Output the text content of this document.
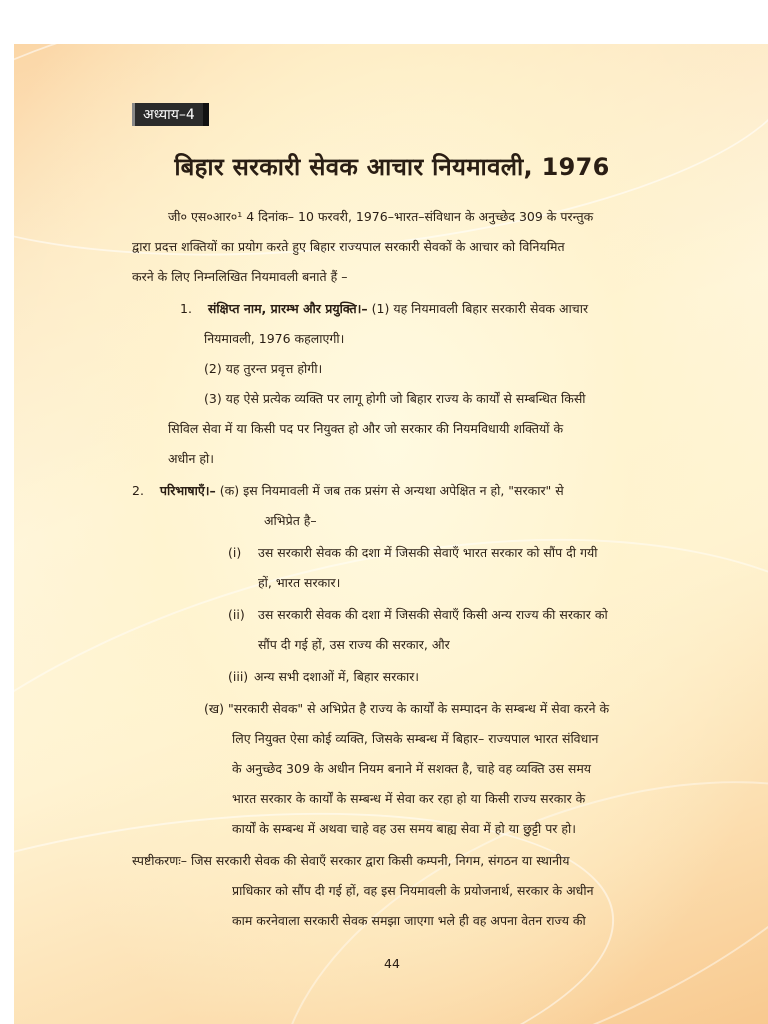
अध्याय–4
बिहार सरकारी सेवक आचार नियमावली, 1976
जी० एस०आर०¹ 4 दिनांक– 10 फरवरी, 1976–भारत–संविधान के अनुच्छेद 309 के परन्तुक
द्वारा प्रदत्त शक्तियों का प्रयोग करते हुए बिहार राज्यपाल सरकारी सेवकों के आचार को विनियमित
करने के लिए निम्नलिखित नियमावली बनाते हैं –
1. संक्षिप्त नाम, प्रारम्भ और प्रयुक्ति।– (1) यह नियमावली बिहार सरकारी सेवक आचार
नियमावली, 1976 कहलाएगी।
(2) यह तुरन्त प्रवृत्त होगी।
(3) यह ऐसे प्रत्येक व्यक्ति पर लागू होगी जो बिहार राज्य के कार्यों से सम्बन्धित किसी
सिविल सेवा में या किसी पद पर नियुक्त हो और जो सरकार की नियमविधायी शक्तियों के
अधीन हो।
2. परिभाषाएँ।– (क) इस नियमावली में जब तक प्रसंग से अन्यथा अपेक्षित न हो, "सरकार" से
अभिप्रेत है–
(i) उस सरकारी सेवक की दशा में जिसकी सेवाएँ भारत सरकार को सौंप दी गयी
हों, भारत सरकार।
(ii) उस सरकारी सेवक की दशा में जिसकी सेवाएँ किसी अन्य राज्य की सरकार को
सौंप दी गई हों, उस राज्य की सरकार, और
(iii) अन्य सभी दशाओं में, बिहार सरकार।
(ख) "सरकारी सेवक" से अभिप्रेत है राज्य के कार्यों के सम्पादन के सम्बन्ध में सेवा करने के
लिए नियुक्त ऐसा कोई व्यक्ति, जिसके सम्बन्ध में बिहार– राज्यपाल भारत संविधान
के अनुच्छेद 309 के अधीन नियम बनाने में सशक्त है, चाहे वह व्यक्ति उस समय
भारत सरकार के कार्यों के सम्बन्ध में सेवा कर रहा हो या किसी राज्य सरकार के
कार्यों के सम्बन्ध में अथवा चाहे वह उस समय बाह्य सेवा में हो या छुट्टी पर हो।
स्पष्टीकरणः– जिस सरकारी सेवक की सेवाएँ सरकार द्वारा किसी कम्पनी, निगम, संगठन या स्थानीय
प्राधिकार को सौंप दी गई हों, वह इस नियमावली के प्रयोजनार्थ, सरकार के अधीन
काम करनेवाला सरकारी सेवक समझा जाएगा भले ही वह अपना वेतन राज्य की
44
